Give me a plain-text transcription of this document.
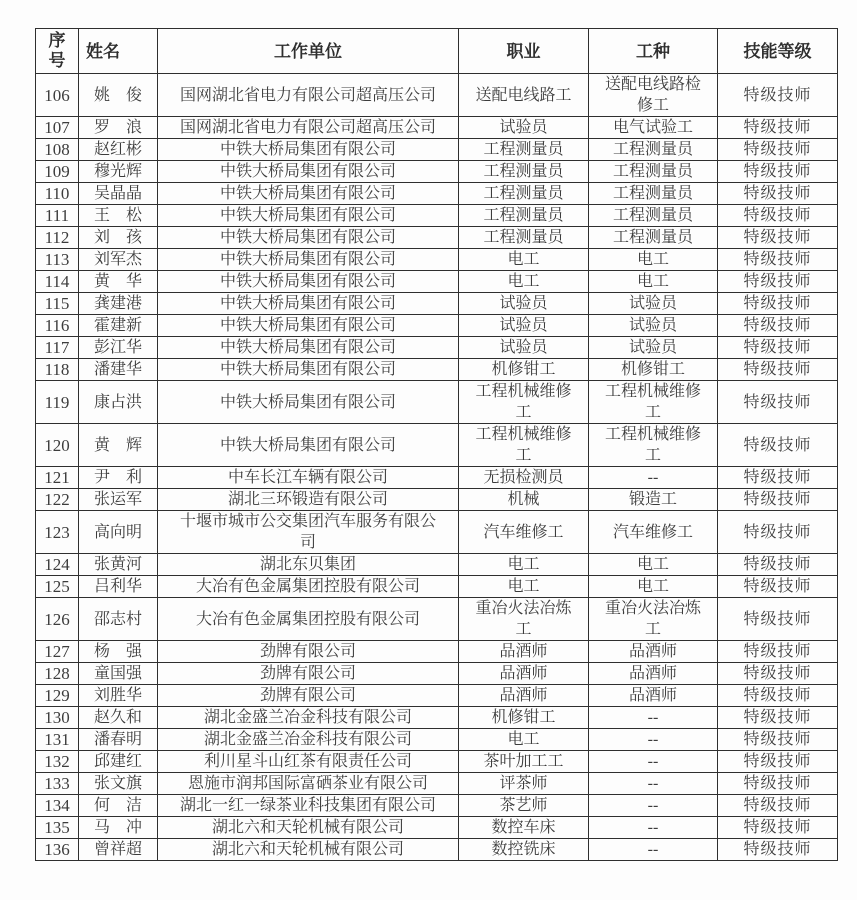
序号	姓名	工作单位	职业	工种	技能等级
106	姚　俊	国网湖北省电力有限公司超高压公司	送配电线路工	送配电线路检修工	特级技师
107	罗　浪	国网湖北省电力有限公司超高压公司	试验员	电气试验工	特级技师
108	赵红彬	中铁大桥局集团有限公司	工程测量员	工程测量员	特级技师
109	穆光辉	中铁大桥局集团有限公司	工程测量员	工程测量员	特级技师
110	吴晶晶	中铁大桥局集团有限公司	工程测量员	工程测量员	特级技师
111	王　松	中铁大桥局集团有限公司	工程测量员	工程测量员	特级技师
112	刘　孩	中铁大桥局集团有限公司	工程测量员	工程测量员	特级技师
113	刘军杰	中铁大桥局集团有限公司	电工	电工	特级技师
114	黄　华	中铁大桥局集团有限公司	电工	电工	特级技师
115	龚建港	中铁大桥局集团有限公司	试验员	试验员	特级技师
116	霍建新	中铁大桥局集团有限公司	试验员	试验员	特级技师
117	彭江华	中铁大桥局集团有限公司	试验员	试验员	特级技师
118	潘建华	中铁大桥局集团有限公司	机修钳工	机修钳工	特级技师
119	康占洪	中铁大桥局集团有限公司	工程机械维修工	工程机械维修工	特级技师
120	黄　辉	中铁大桥局集团有限公司	工程机械维修工	工程机械维修工	特级技师
121	尹　利	中车长江车辆有限公司	无损检测员	--	特级技师
122	张运军	湖北三环锻造有限公司	机械	锻造工	特级技师
123	高向明	十堰市城市公交集团汽车服务有限公司	汽车维修工	汽车维修工	特级技师
124	张黄河	湖北东贝集团	电工	电工	特级技师
125	吕利华	大冶有色金属集团控股有限公司	电工	电工	特级技师
126	邵志村	大冶有色金属集团控股有限公司	重冶火法冶炼工	重冶火法冶炼工	特级技师
127	杨　强	劲牌有限公司	品酒师	品酒师	特级技师
128	童国强	劲牌有限公司	品酒师	品酒师	特级技师
129	刘胜华	劲牌有限公司	品酒师	品酒师	特级技师
130	赵久和	湖北金盛兰冶金科技有限公司	机修钳工	--	特级技师
131	潘春明	湖北金盛兰冶金科技有限公司	电工	--	特级技师
132	邱建红	利川星斗山红茶有限责任公司	茶叶加工工	--	特级技师
133	张文旗	恩施市润邦国际富硒茶业有限公司	评茶师	--	特级技师
134	何　洁	湖北一红一绿茶业科技集团有限公司	茶艺师	--	特级技师
135	马　冲	湖北六和天轮机械有限公司	数控车床	--	特级技师
136	曾祥超	湖北六和天轮机械有限公司	数控铣床	--	特级技师
